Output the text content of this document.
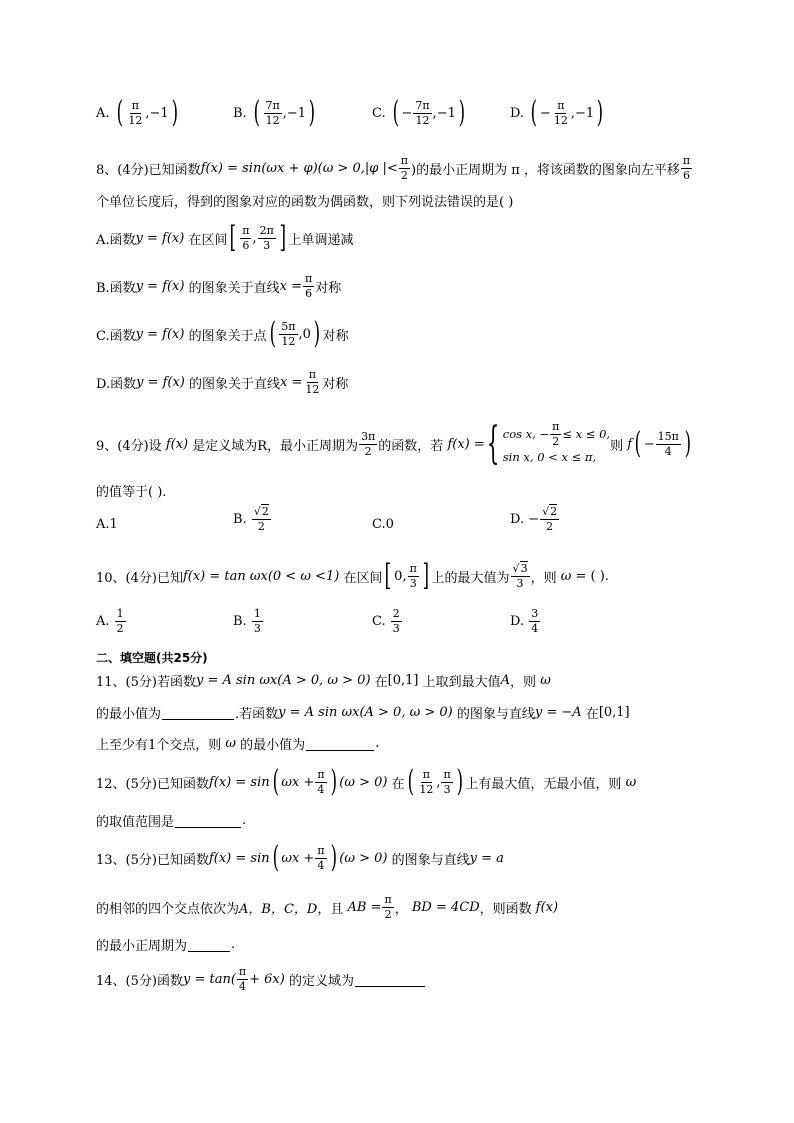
A.
( $\frac{\pi}{12} ,-1$ )	B.
( $\frac{7\pi}{12} ,-1$ )	C.
( − $\frac{7\pi}{12} ,-1$ )	D.
( − $\frac{\pi}{12} ,-1$ )
8、(4分)已知函数 f(x) = sin(ωx + φ)(ω > 0,|φ |< $\frac{\pi}{2}$ )的最小正周期为 π ，将该函数的图象向左平移 $\frac{\pi}{6}$
个单位长度后，得到的图象对应的函数为偶函数，则下列说法错误的是( )
A.函数 y = f(x)
在区间 [ $\frac{\pi}{6}$ , $\frac{2\pi}{3}$ ] 上单调递减
B.函数 y = f(x)
的图象关于直线 $x = \frac{\pi}{6}$ 对称
C.函数 y = f(x)
的图象关于点 ( $\frac{5\pi}{12} ,0$ ) 对称
D.函数 y = f(x)
的图象关于直线 $x = \frac{\pi}{12}$ 对称
9、(4分)设
f(x)
是定义域为R，最小正周期为 $\frac{3\pi}{2}$ 的函数，若
f(x) = { cos x, − $\frac{\pi}{2} \le x \le 0$,
sin x, 0 < x ≤ π,
则
f ( − $\frac{15\pi}{4}$ )
的值等于( ).
A.1	B.
$\frac{√2}{2}$	C.0	D.
− $\frac{√2}{2}$
10、(4分)已知 f(x) = tan ωx(0 < ω <1)
在区间 [ 0, $\frac{\pi}{3}$ ] 上的最大值为 $\frac{√3}{3}$ ，则
ω =
( ).
A.
$\frac{1}{2}$	B.
$\frac{1}{3}$	C.
$\frac{2}{3}$	D.
$\frac{3}{4}$
二、填空题(共25分)
11、(5分)若函数 y = A sin ωx(A > 0, ω > 0)
在 [0,1]
上取到最大值 A ，则
ω
的最小值为	.若函数 y = A sin ωx(A > 0, ω > 0)
的图象与直线 y = −A
在 [0,1]
上至少有1个交点，则
ω
的最小值为	.
12、(5分)已知函数 f(x) = sin ( $\omega x + \frac{\pi}{4}$ ) (ω > 0)
在 ( $\frac{\pi}{12}$ , $\frac{\pi}{3}$ ) 上有最大值，无最小值，则
ω
的取值范围是	.
13、(5分)已知函数 f(x) = sin ( $\omega x + \frac{\pi}{4}$ ) (ω > 0)
的图象与直线 y = a
的相邻的四个交点依次为 A，B，C，D ，且
AB = $\frac{\pi}{2}$ ，
BD = 4CD ，则函数
f(x)
的最小正周期为	.
14、(5分)函数 $y = \tan( \frac{\pi}{4} + 6x)$
的定义域为
